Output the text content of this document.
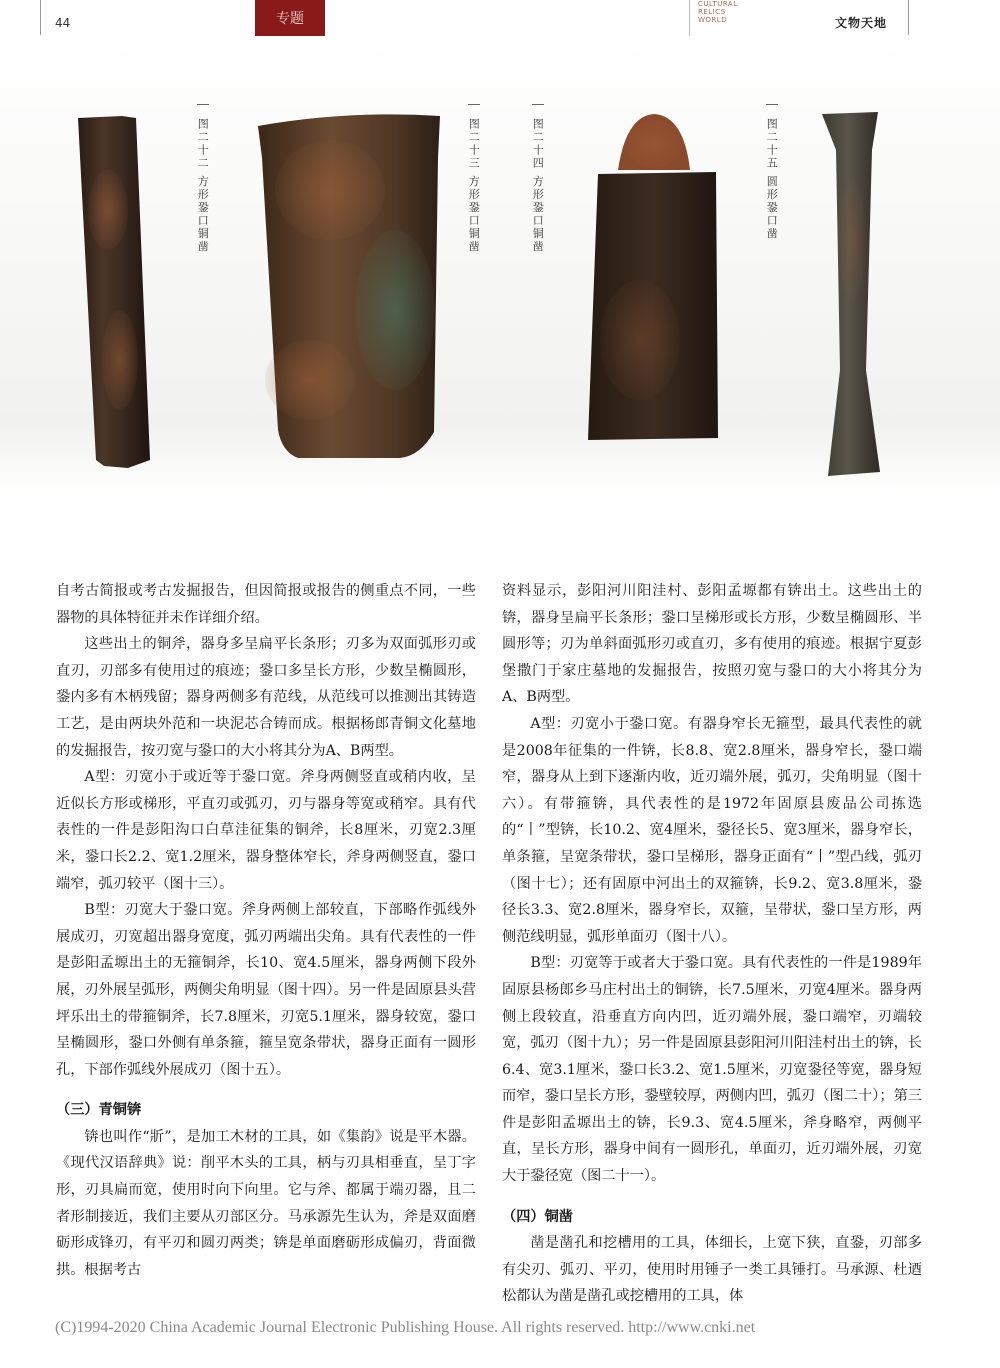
44	专题
CULTURAL
RELICS
WORLD	文物天地
图二十二 方形銎口铜凿	图二十三 方形銎口铜凿	图二十四 方形銎口铜凿	图二十五 圆形銎口凿

自考古简报或考古发掘报告，但因简报或报告的侧重点不同，一些器物的具体特征并未作详细介绍。

这些出土的铜斧，器身多呈扁平长条形；刃多为双面弧形刃或直刃，刃部多有使用过的痕迹；銎口多呈长方形，少数呈椭圆形，銎内多有木柄残留；器身两侧多有范线，从范线可以推测出其铸造工艺，是由两块外范和一块泥芯合铸而成。根据杨郎青铜文化墓地的发掘报告，按刃宽与銎口的大小将其分为A、B两型。

A型：刃宽小于或近等于銎口宽。斧身两侧竖直或稍内收，呈近似长方形或梯形，平直刃或弧刃，刃与器身等宽或稍窄。具有代表性的一件是彭阳沟口白草洼征集的铜斧，长8厘米，刃宽2.3厘米，銎口长2.2、宽1.2厘米，器身整体窄长，斧身两侧竖直，銎口端窄，弧刃较平（图十三）。

B型：刃宽大于銎口宽。斧身两侧上部较直，下部略作弧线外展成刃，刃宽超出器身宽度，弧刃两端出尖角。具有代表性的一件是彭阳孟塬出土的无箍铜斧，长10、宽4.5厘米，器身两侧下段外展，刃外展呈弧形，两侧尖角明显（图十四）。另一件是固原县头营坪乐出土的带箍铜斧，长7.8厘米，刃宽5.1厘米，器身较宽，銎口呈椭圆形，銎口外侧有单条箍，箍呈宽条带状，器身正面有一圆形孔，下部作弧线外展成刃（图十五）。

（三）青铜锛

锛也叫作“斨”，是加工木材的工具，如《集韵》说是平木器。《现代汉语辞典》说：削平木头的工具，柄与刃具相垂直，呈丁字形，刃具扁而宽，使用时向下向里。它与斧、都属于端刃器，且二者形制接近，我们主要从刃部区分。马承源先生认为，斧是双面磨砺形成锋刃，有平刃和圆刃两类；锛是单面磨砺形成偏刃，背面微拱。根据考古

资料显示，彭阳河川阳洼村、彭阳孟塬都有锛出土。这些出土的锛，器身呈扁平长条形；銎口呈梯形或长方形，少数呈椭圆形、半圆形等；刃为单斜面弧形刃或直刃，多有使用的痕迹。根据宁夏彭堡撒门于家庄墓地的发掘报告，按照刃宽与銎口的大小将其分为A、B两型。

A型：刃宽小于銎口宽。有器身窄长无箍型，最具代表性的就是2008年征集的一件锛，长8.8、宽2.8厘米，器身窄长，銎口端窄，器身从上到下逐渐内收，近刃端外展，弧刃，尖角明显（图十六）。有带箍锛，具代表性的是1972年固原县废品公司拣选的“丨”型锛，长10.2、宽4厘米，銎径长5、宽3厘米，器身窄长，单条箍，呈宽条带状，銎口呈梯形，器身正面有“丨”型凸线，弧刃（图十七）；还有固原中河出土的双箍锛，长9.2、宽3.8厘米，銎径长3.3、宽2.8厘米，器身窄长，双箍，呈带状，銎口呈方形，两侧范线明显，弧形单面刃（图十八）。

B型：刃宽等于或者大于銎口宽。具有代表性的一件是1989年固原县杨郎乡马庄村出土的铜锛，长7.5厘米，刃宽4厘米。器身两侧上段较直，沿垂直方向内凹，近刃端外展，銎口端窄，刃端较宽，弧刃（图十九）；另一件是固原县彭阳河川阳洼村出土的锛，长6.4、宽3.1厘米，銎口长3.2、宽1.5厘米，刃宽銎径等宽，器身短而窄，銎口呈长方形，銎壁较厚，两侧内凹，弧刃（图二十）；第三件是彭阳孟塬出土的锛，长9.3、宽4.5厘米，斧身略窄，两侧平直，呈长方形，器身中间有一圆形孔，单面刃，近刃端外展，刃宽大于銎径宽（图二十一）。

（四）铜凿

凿是凿孔和挖槽用的工具，体细长，上宽下狭，直銎，刃部多有尖刃、弧刃、平刃，使用时用锤子一类工具锤打。马承源、杜迺松都认为凿是凿孔或挖槽用的工具，体

(C)1994-2020 China Academic Journal Electronic Publishing House. All rights reserved. http://www.cnki.net
